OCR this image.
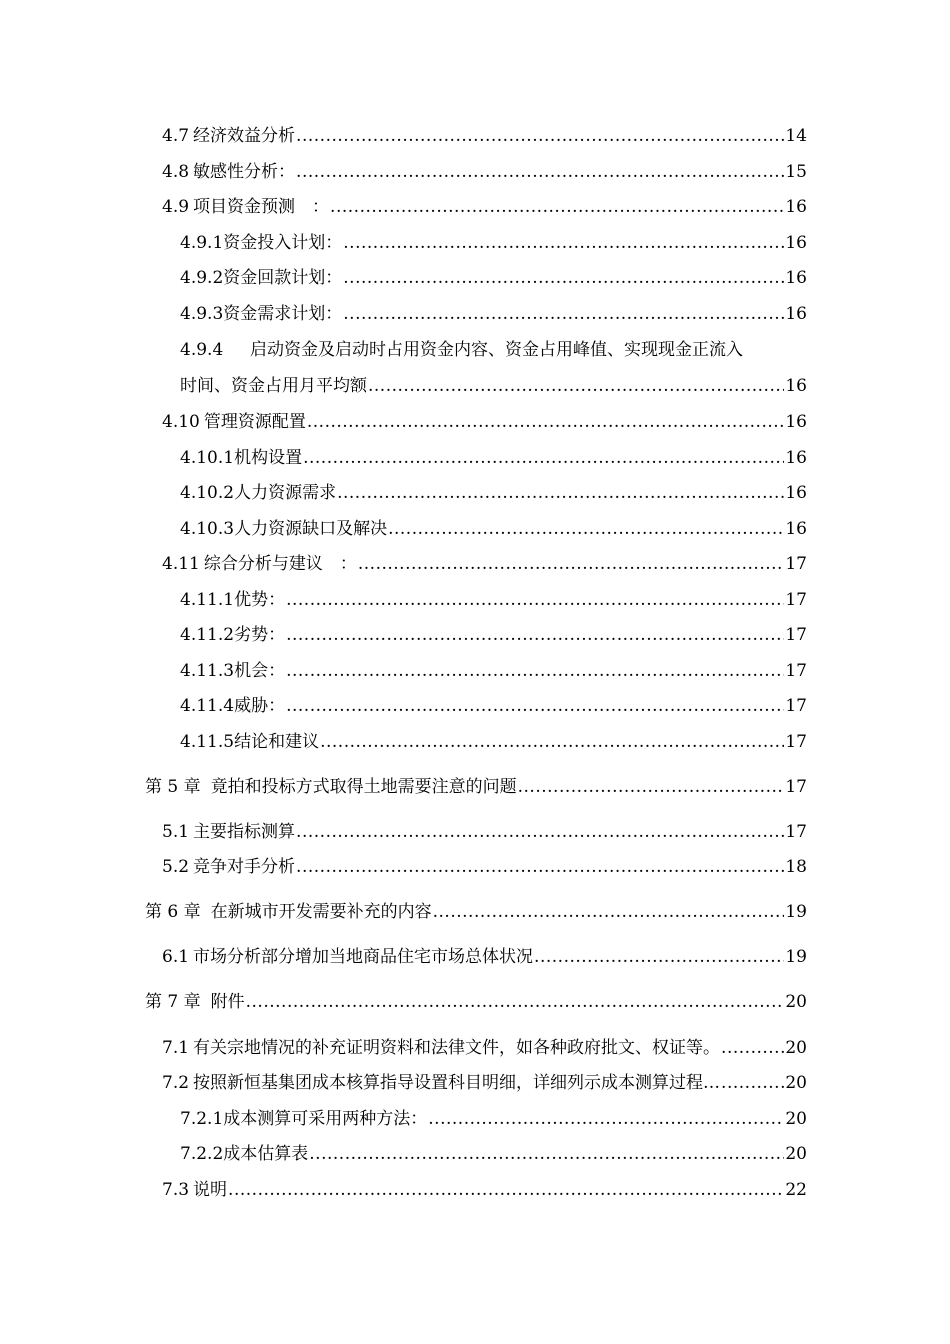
4.7 经济效益分析 .....	14
4.8 敏感性分析： .....	15
4.9 项目资金预测　： .....	16
4.9.1 资金投入计划： .....	16
4.9.2 资金回款计划： .....	16
4.9.3 资金需求计划： .....	16
4.9.4 启动资金及启动时占用资金内容、资金占用峰值、实现现金正流入
时间、资金占用月平均额 .....	16
4.10 管理资源配置 .....	16
4.10.1 机构设置 .....	16
4.10.2 人力资源需求 .....	16
4.10.3 人力资源缺口及解决 .....	16
4.11 综合分析与建议　： .....	17
4.11.1 优势： .....	17
4.11.2 劣势： .....	17
4.11.3 机会： .....	17
4.11.4 威胁： .....	17
4.11.5 结论和建议 .....	17
第 5 章 竟拍和投标方式取得土地需要注意的问题 .....	17
5.1 主要指标测算 .....	17
5.2 竞争对手分析 .....	18
第 6 章 在新城市开发需要补充的内容 .....	19
6.1 市场分析部分增加当地商品住宅市场总体状况 .....	19
第 7 章 附件 .....	20
7.1 有关宗地情况的补充证明资料和法律文件，如各种政府批文、权证等。 .....	20
7.2 按照新恒基集团成本核算指导设置科目明细，详细列示成本测算过程… .....	20
7.2.1 成本测算可采用两种方法： .....	20
7.2.2 成本估算表 .....	20
7.3 说明 .....	22
